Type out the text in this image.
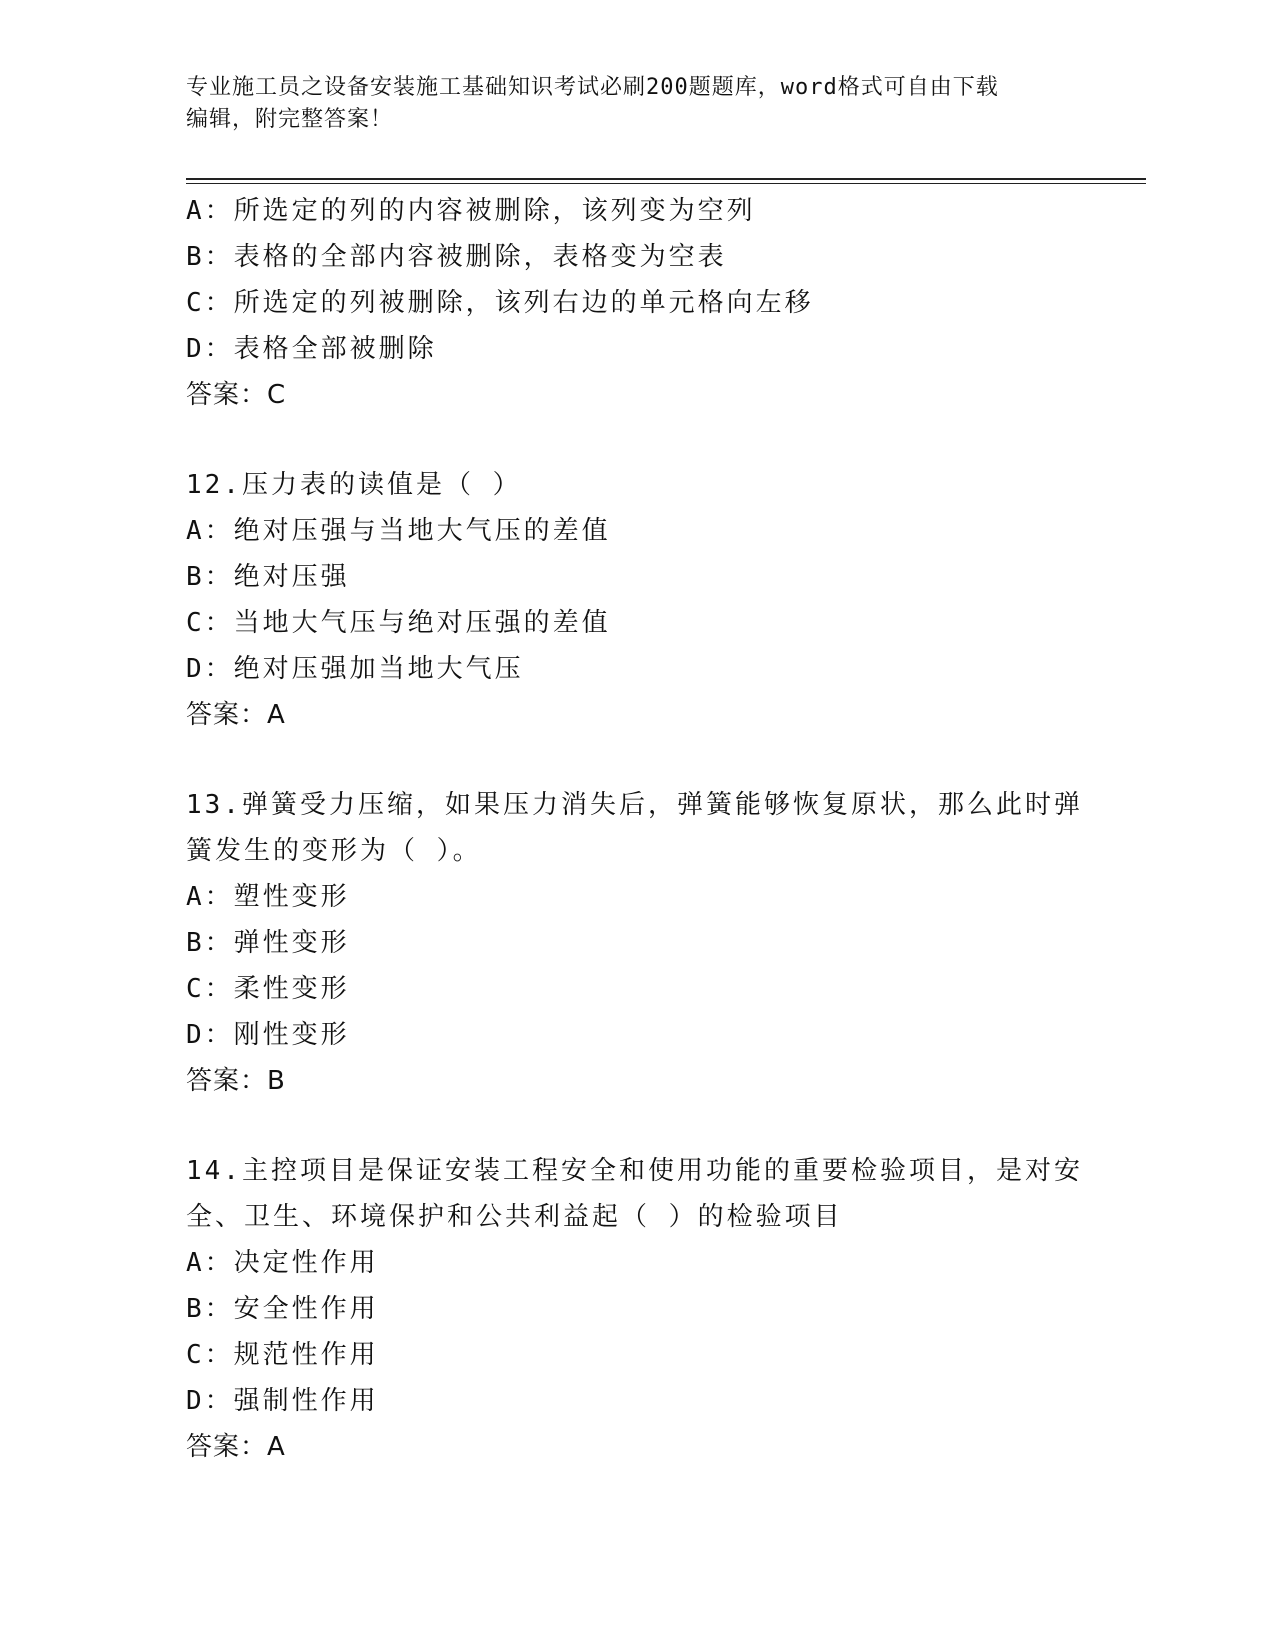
专业施工员之设备安装施工基础知识考试必刷200题题库，word格式可自由下载
编辑，附完整答案！
A：所选定的列的内容被删除，该列变为空列
B：表格的全部内容被删除，表格变为空表
C：所选定的列被删除，该列右边的单元格向左移
D：表格全部被删除
答案：C
12.压力表的读值是（ ）
A：绝对压强与当地大气压的差值
B：绝对压强
C：当地大气压与绝对压强的差值
D：绝对压强加当地大气压
答案：A
13.弹簧受力压缩，如果压力消失后，弹簧能够恢复原状，那么此时弹
簧发生的变形为（ ）。
A：塑性变形
B：弹性变形
C：柔性变形
D：刚性变形
答案：B
14.主控项目是保证安装工程安全和使用功能的重要检验项目，是对安
全、卫生、环境保护和公共利益起（ ）的检验项目
A：决定性作用
B：安全性作用
C：规范性作用
D：强制性作用
答案：A
